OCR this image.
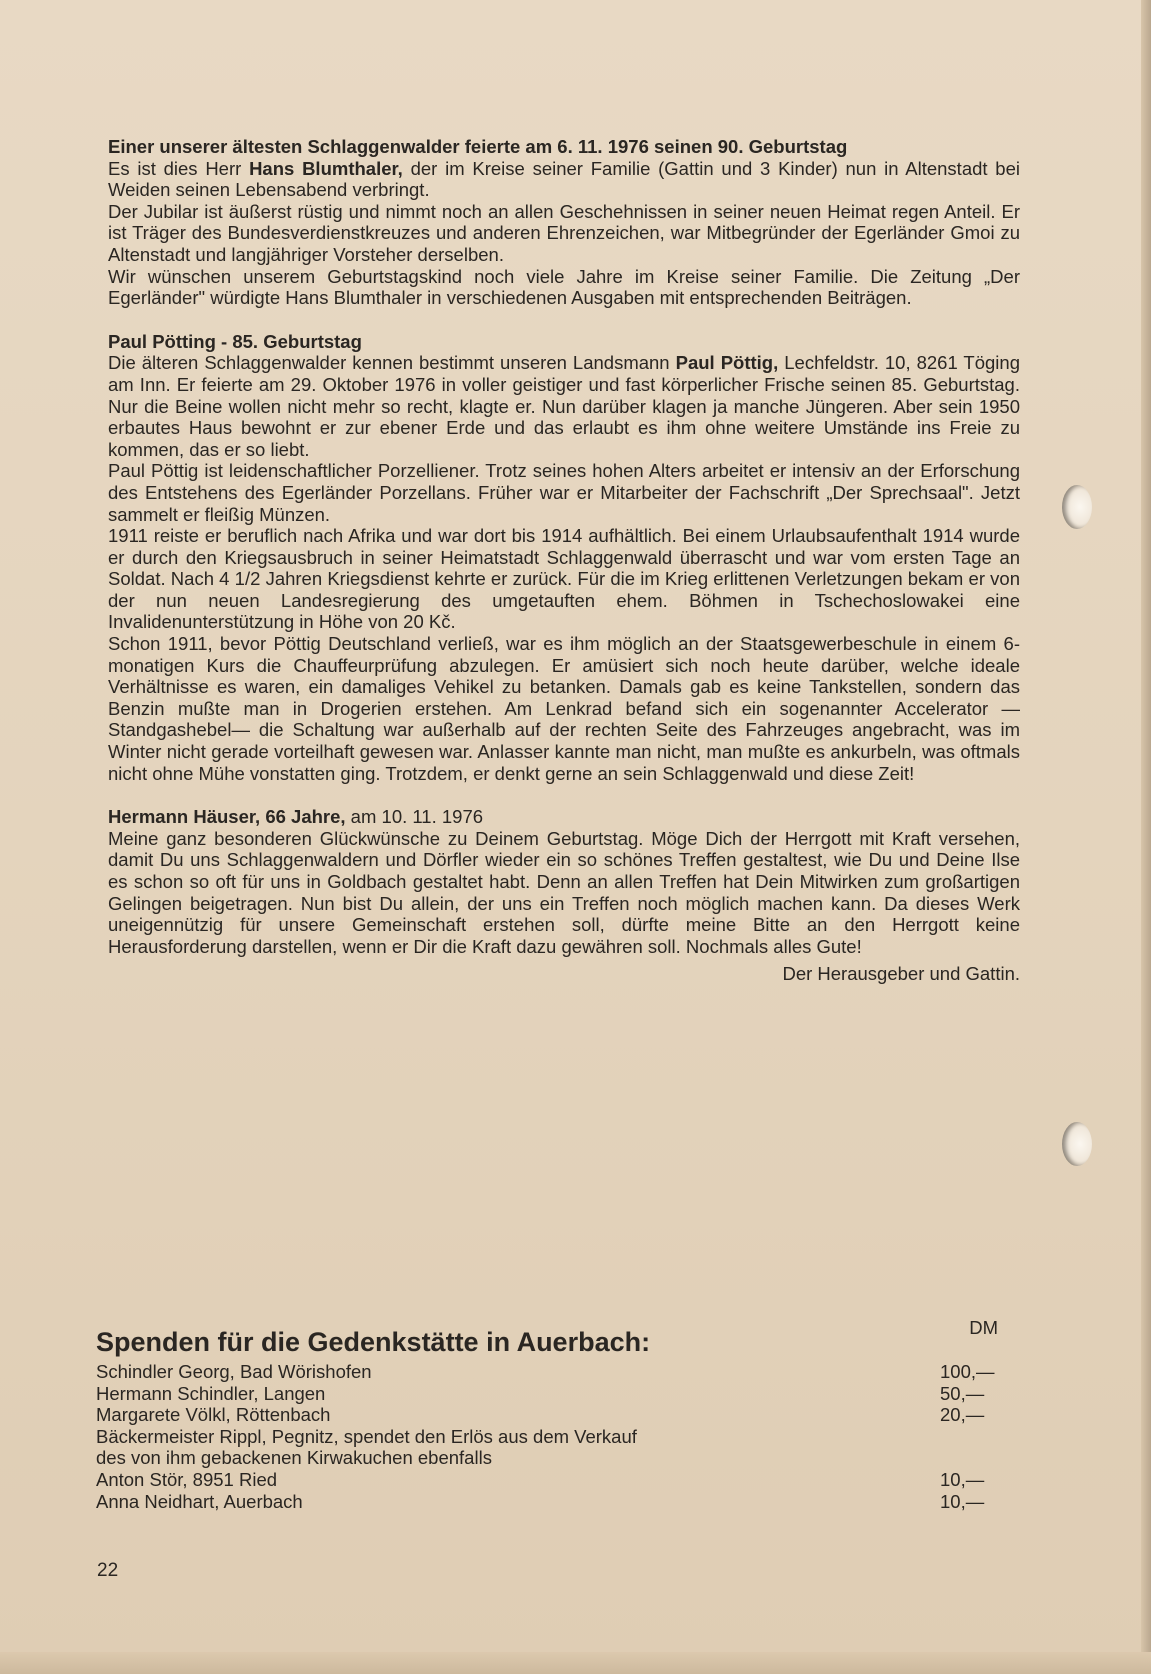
Einer unserer ältesten Schlaggenwalder feierte am 6. 11. 1976 seinen 90. Geburtstag
Es ist dies Herr Hans Blumthaler, der im Kreise seiner Familie (Gattin und 3 Kinder) nun in Altenstadt bei Weiden seinen Lebensabend verbringt.
Der Jubilar ist äußerst rüstig und nimmt noch an allen Geschehnissen in seiner neuen Heimat regen Anteil. Er ist Träger des Bundesverdienstkreuzes und anderen Ehrenzeichen, war Mitbegründer der Egerländer Gmoi zu Altenstadt und langjähriger Vorsteher derselben.
Wir wünschen unserem Geburtstagskind noch viele Jahre im Kreise seiner Familie. Die Zeitung „Der Egerländer" würdigte Hans Blumthaler in verschiedenen Ausgaben mit entsprechenden Beiträgen.
Paul Pötting - 85. Geburtstag
Die älteren Schlaggenwalder kennen bestimmt unseren Landsmann Paul Pöttig, Lechfeldstr. 10, 8261 Töging am Inn. Er feierte am 29. Oktober 1976 in voller geistiger und fast körperlicher Frische seinen 85. Geburtstag. Nur die Beine wollen nicht mehr so recht, klagte er. Nun darüber klagen ja manche Jüngeren. Aber sein 1950 erbautes Haus bewohnt er zur ebener Erde und das erlaubt es ihm ohne weitere Umstände ins Freie zu kommen, das er so liebt.
Paul Pöttig ist leidenschaftlicher Porzelliener. Trotz seines hohen Alters arbeitet er intensiv an der Erforschung des Entstehens des Egerländer Porzellans. Früher war er Mitarbeiter der Fachschrift „Der Sprechsaal". Jetzt sammelt er fleißig Münzen.
1911 reiste er beruflich nach Afrika und war dort bis 1914 aufhältlich. Bei einem Urlaubsaufenthalt 1914 wurde er durch den Kriegsausbruch in seiner Heimatstadt Schlaggenwald überrascht und war vom ersten Tage an Soldat. Nach 4 1/2 Jahren Kriegsdienst kehrte er zurück. Für die im Krieg erlittenen Verletzungen bekam er von der nun neuen Landesregierung des umgetauften ehem. Böhmen in Tschechoslowakei eine Invalidenunterstützung in Höhe von 20 Kč.
Schon 1911, bevor Pöttig Deutschland verließ, war es ihm möglich an der Staatsgewerbeschule in einem 6-monatigen Kurs die Chauffeurprüfung abzulegen. Er amüsiert sich noch heute darüber, welche ideale Verhältnisse es waren, ein damaliges Vehikel zu betanken. Damals gab es keine Tankstellen, sondern das Benzin mußte man in Drogerien erstehen. Am Lenkrad befand sich ein sogenannter Accelerator — Standgashebel— die Schaltung war außerhalb auf der rechten Seite des Fahrzeuges angebracht, was im Winter nicht gerade vorteilhaft gewesen war. Anlasser kannte man nicht, man mußte es ankurbeln, was oftmals nicht ohne Mühe vonstatten ging. Trotzdem, er denkt gerne an sein Schlaggenwald und diese Zeit!
Hermann Häuser, 66 Jahre, am 10. 11. 1976
Meine ganz besonderen Glückwünsche zu Deinem Geburtstag. Möge Dich der Herrgott mit Kraft versehen, damit Du uns Schlaggenwaldern und Dörfler wieder ein so schönes Treffen gestaltest, wie Du und Deine Ilse es schon so oft für uns in Goldbach gestaltet habt. Denn an allen Treffen hat Dein Mitwirken zum großartigen Gelingen beigetragen. Nun bist Du allein, der uns ein Treffen noch möglich machen kann. Da dieses Werk uneigennützig für unsere Gemeinschaft erstehen soll, dürfte meine Bitte an den Herrgott keine Herausforderung darstellen, wenn er Dir die Kraft dazu gewähren soll. Nochmals alles Gute!
Der Herausgeber und Gattin.
Spenden für die Gedenkstätte in Auerbach:	DM
Schindler Georg, Bad Wörishofen	100,—
Hermann Schindler, Langen	50,—
Margarete Völkl, Röttenbach	20,—
Bäckermeister Rippl, Pegnitz, spendet den Erlös aus dem Verkauf
des von ihm gebackenen Kirwakuchen ebenfalls
Anton Stör, 8951 Ried	10,—
Anna Neidhart, Auerbach	10,—
22
